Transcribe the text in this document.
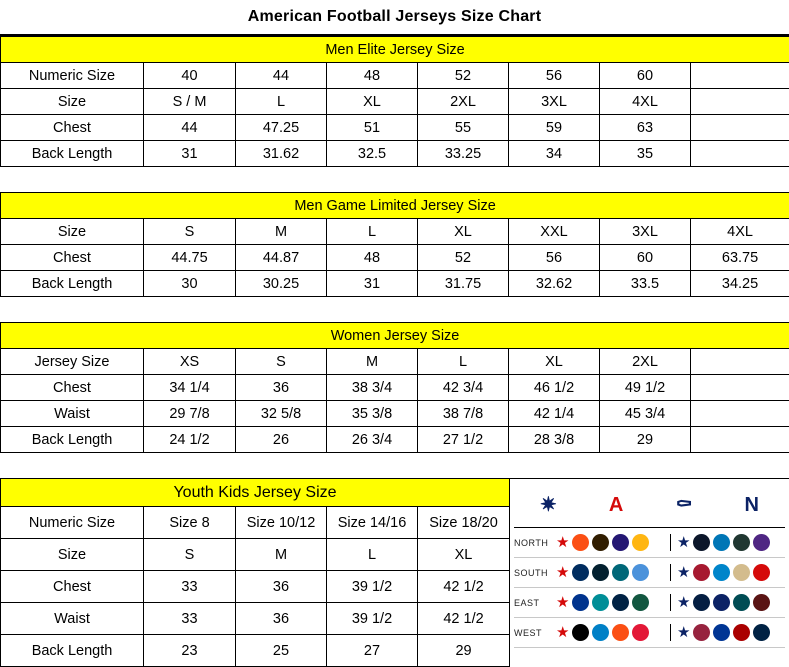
American Football Jerseys Size Chart
Men Elite Jersey Size							
Numeric Size	40	44	48	52	56	60	
Size	S / M	L	XL	2XL	3XL	4XL	
Chest	44	47.25	51	55	59	63	
Back Length	31	31.62	32.5	33.25	34	35	

Men Game Limited Jersey Size							
Size	S	M	L	XL	XXL	3XL	4XL
Chest	44.75	44.87	48	52	56	60	63.75
Back Length	30	30.25	31	31.75	32.62	33.5	34.25

Women Jersey Size							
Jersey Size	XS	S	M	L	XL	2XL	
Chest	34 1/4	36	38 3/4	42 3/4	46 1/2	49 1/2	
Waist	29 7/8	32 5/8	35 3/8	38 7/8	42 1/4	45 3/4	
Back Length	24 1/2	26	26 3/4	27 1/2	28 3/8	29	

Youth Kids Jersey Size				
Numeric Size	Size 8	Size 10/12	Size 14/16	Size 18/20
Size	S	M	L	XL
Chest	33	36	39 1/2	42 1/2
Waist	33	36	39 1/2	42 1/2
Back Length	23	25	27	29
✷	A	⚰	N
NORTH ★	★
SOUTH ★	★
EAST	★	★
WEST ★	★
